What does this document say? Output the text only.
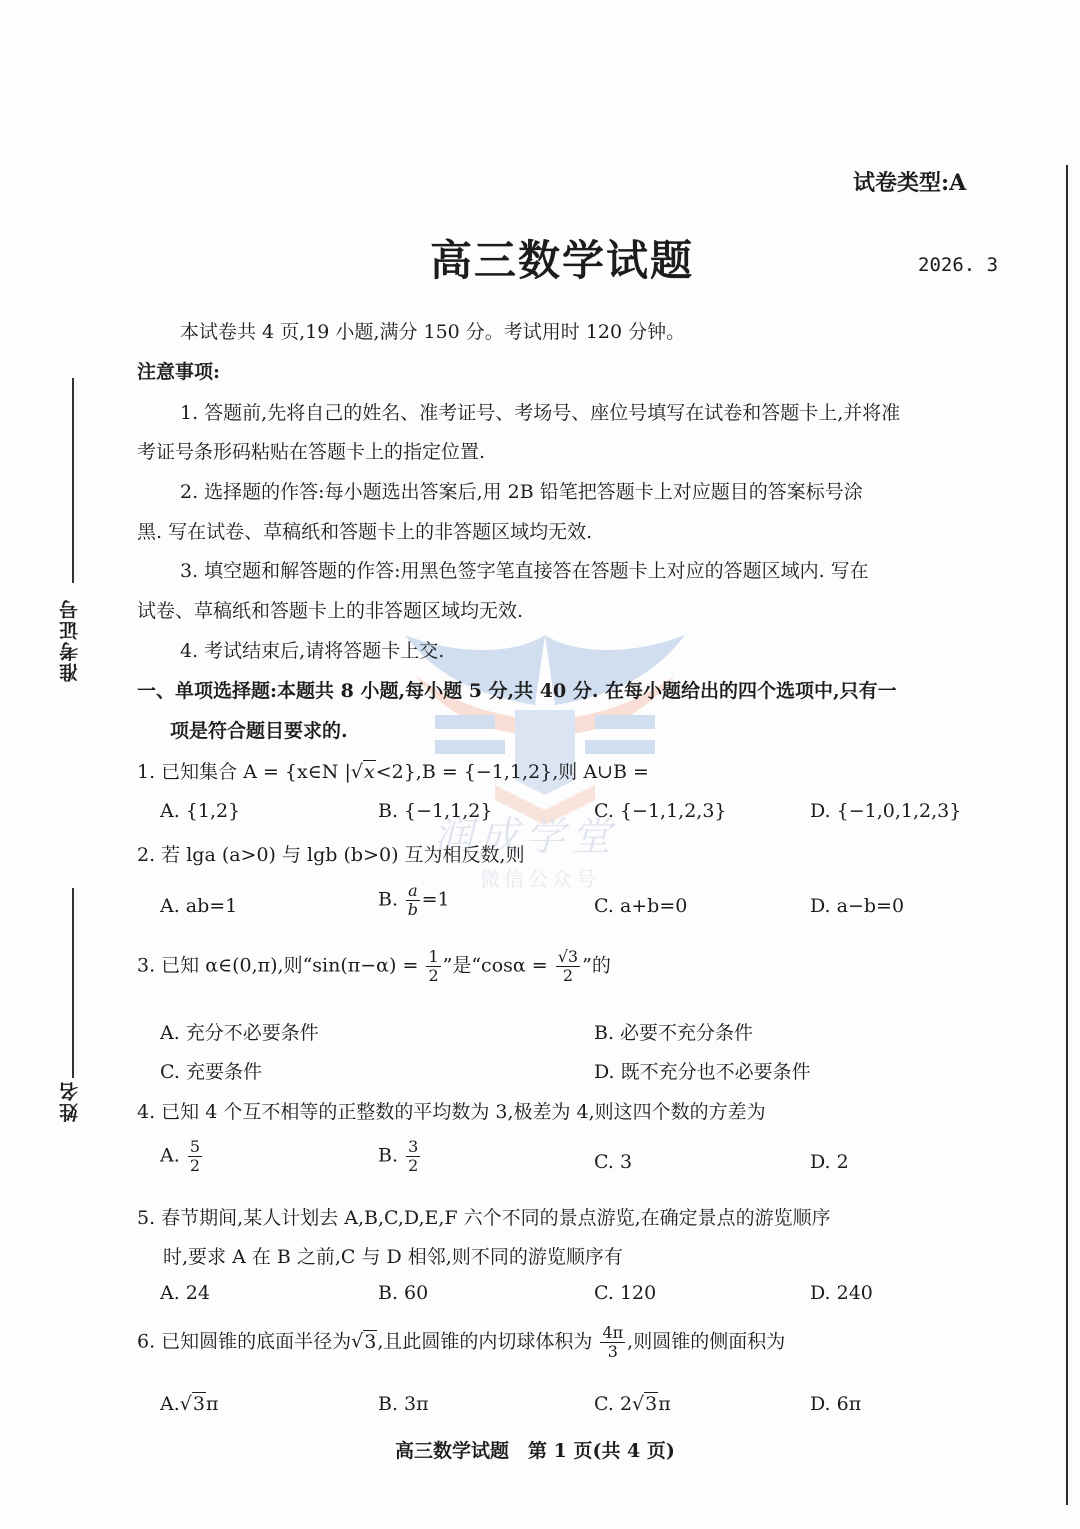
准考证号
姓名
润成学堂
微信公众号
试卷类型:A
高三数学试题	2026. 3
本试卷共 4 页,19 小题,满分 150 分。考试用时 120 分钟。
注意事项:
1. 答题前,先将自己的姓名、准考证号、考场号、座位号填写在试卷和答题卡上,并将准
考证号条形码粘贴在答题卡上的指定位置.
2. 选择题的作答:每小题选出答案后,用 2B 铅笔把答题卡上对应题目的答案标号涂
黑. 写在试卷、草稿纸和答题卡上的非答题区域均无效.
3. 填空题和解答题的作答:用黑色签字笔直接答在答题卡上对应的答题区域内. 写在
试卷、草稿纸和答题卡上的非答题区域均无效.
4. 考试结束后,请将答题卡上交.
一、单项选择题:本题共 8 小题,每小题 5 分,共 40 分. 在每小题给出的四个选项中,只有一
项是符合题目要求的.
1. 已知集合 A = {x∈N |√x<2},B = {−1,1,2},则 A∪B =
A. {1,2}	B. {−1,1,2}	C. {−1,1,2,3}	D. {−1,0,1,2,3}
2. 若 lga (a>0) 与 lgb (b>0) 互为相反数,则
A. ab=1	B. $\frac{a}{b} =1$	C. a+b=0	D. a−b=0
3. 已知 α∈(0,π),则“$\sin(\pi-\alpha) = \frac{1}{2}$ ”是“$\cos\alpha = \frac{√3}{2}$ ”的
A. 充分不必要条件	B. 必要不充分条件
C. 充要条件	D. 既不充分也不必要条件
4. 已知 4 个互不相等的正整数的平均数为 3,极差为 4,则这四个数的方差为
A. $\frac{5}{2}$	B. $\frac{3}{2}$	C. 3	D. 2
5. 春节期间,某人计划去 A,B,C,D,E,F 六个不同的景点游览,在确定景点的游览顺序
时,要求 A 在 B 之前,C 与 D 相邻,则不同的游览顺序有
A. 24	B. 60	C. 120	D. 240
6. 已知圆锥的底面半径为√3,且此圆锥的内切球体积为 $\frac{4\pi}{3}$ ,则圆锥的侧面积为
A.√3π	B. 3π	C. 2√3π	D. 6π
高三数学试题　第 1 页(共 4 页)
